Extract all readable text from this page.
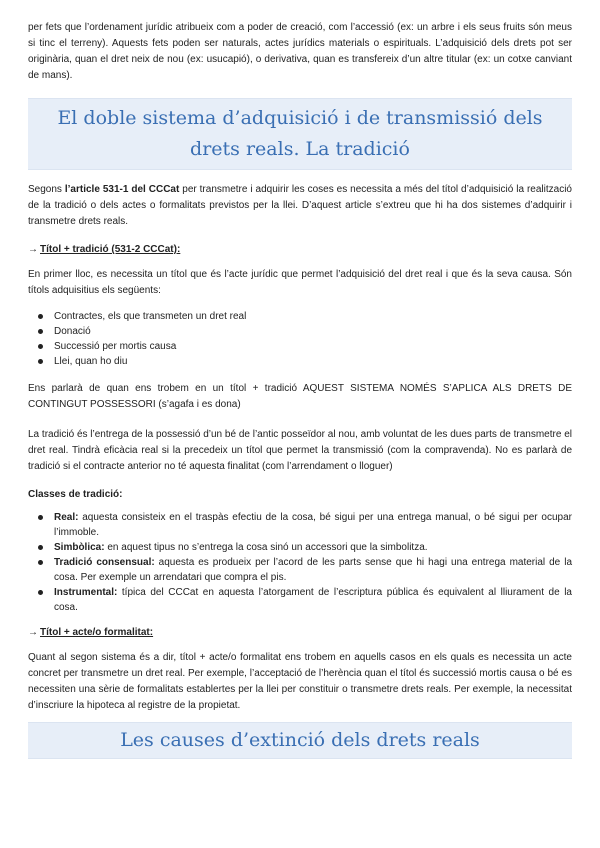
per fets que l’ordenament jurídic atribueix com a poder de creació, com l’accessió (ex: un arbre i els seus fruits són meus si tinc el terreny). Aquests fets poden ser naturals, actes jurídics materials o espirituals. L’adquisició dels drets pot ser originària, quan el dret neix de nou (ex: usucapió), o derivativa, quan es transfereix d’un altre titular (ex: un cotxe canviant de mans).

El doble sistema d’adquisició i de transmissió dels drets reals. La tradició

Segons l’article 531-1 del CCCat per transmetre i adquirir les coses es necessita a més del títol d’adquisició la realització de la tradició o dels actes o formalitats previstos per la llei. D’aquest article s’extreu que hi ha dos sistemes d’adquirir i transmetre drets reals.

→ Títol + tradició (531-2 CCCat):

En primer lloc, es necessita un títol que és l’acte jurídic que permet l’adquisició del dret real i que és la seva causa. Són títols adquisitius els següents:

Contractes, els que transmeten un dret real
Donació
Successió per mortis causa
Llei, quan ho diu

Ens parlarà de quan ens trobem en un títol + tradició AQUEST SISTEMA NOMÉS S’APLICA ALS DRETS DE CONTINGUT POSSESSORI (s’agafa i es dona)

La tradició és l’entrega de la possessió d’un bé de l’antic posseïdor al nou, amb voluntat de les dues parts de transmetre el dret real. Tindrà eficàcia real si la precedeix un títol que permet la transmissió (com la compravenda). No es parlarà de tradició si el contracte anterior no té aquesta finalitat (com l’arrendament o lloguer)

Classes de tradició:
Real: aquesta consisteix en el traspàs efectiu de la cosa, bé sigui per una entrega manual, o bé sigui per ocupar l’immoble.
Simbòlica: en aquest tipus no s’entrega la cosa sinó un accessori que la simbolitza.
Tradició consensual: aquesta es produeix per l’acord de les parts sense que hi hagi una entrega material de la cosa. Per exemple un arrendatari que compra el pis.
Instrumental: típica del CCCat en aquesta l’atorgament de l’escriptura pública és equivalent al lliurament de la cosa.
→ Títol + acte/o formalitat:

Quant al segon sistema és a dir, títol + acte/o formalitat ens trobem en aquells casos en els quals es necessita un acte concret per transmetre un dret real. Per exemple, l’acceptació de l’herència quan el títol és successió mortis causa o bé es necessiten una sèrie de formalitats establertes per la llei per constituir o transmetre drets reals. Per exemple, la necessitat d’inscriure la hipoteca al registre de la propietat.

Les causes d’extinció dels drets reals
